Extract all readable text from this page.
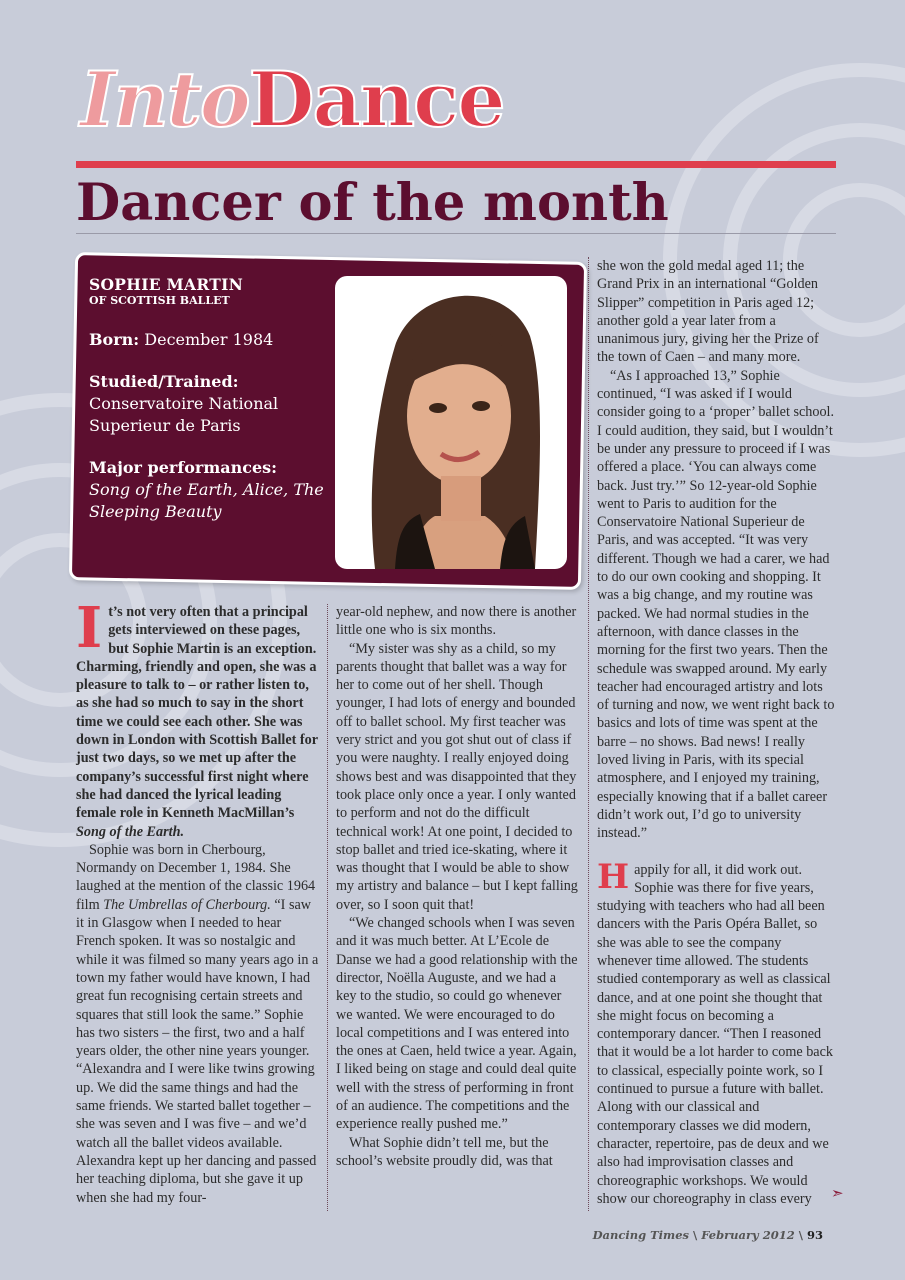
IntoDance
Dancer of the month
SOPHIE MARTIN
OF SCOTTISH BALLET
Born: December 1984
Studied/Trained:
Conservatoire National Superieur de Paris
Major performances:
Song of the Earth, Alice, The Sleeping Beauty

It’s not very often that a principal gets interviewed on these pages, but Sophie Martin is an exception. Charming, friendly and open, she was a pleasure to talk to – or rather listen to, as she had so much to say in the short time we could see each other. She was down in London with Scottish Ballet for just two days, so we met up after the company’s successful first night where she had danced the lyrical leading female role in Kenneth MacMillan’s Song of the Earth.

Sophie was born in Cherbourg, Normandy on December 1, 1984. She laughed at the mention of the classic 1964 film The Umbrellas of Cherbourg. “I saw it in Glasgow when I needed to hear French spoken. It was so nostalgic and while it was filmed so many years ago in a town my father would have known, I had great fun recognising certain streets and squares that still look the same.” Sophie has two sisters – the first, two and a half years older, the other nine years younger. “Alexandra and I were like twins growing up. We did the same things and had the same friends. We started ballet together – she was seven and I was five – and we’d watch all the ballet videos available. Alexandra kept up her dancing and passed her teaching diploma, but she gave it up when she had my four-

year-old nephew, and now there is another little one who is six months.

“My sister was shy as a child, so my parents thought that ballet was a way for her to come out of her shell. Though younger, I had lots of energy and bounded off to ballet school. My first teacher was very strict and you got shut out of class if you were naughty. I really enjoyed doing shows best and was disappointed that they took place only once a year. I only wanted to perform and not do the difficult technical work! At one point, I decided to stop ballet and tried ice-skating, where it was thought that I would be able to show my artistry and balance – but I kept falling over, so I soon quit that!

“We changed schools when I was seven and it was much better. At L’Ecole de Danse we had a good relationship with the director, Noëlla Auguste, and we had a key to the studio, so could go whenever we wanted. We were encouraged to do local competitions and I was entered into the ones at Caen, held twice a year. Again, I liked being on stage and could deal quite well with the stress of performing in front of an audience. The competitions and the experience really pushed me.”

What Sophie didn’t tell me, but the school’s website proudly did, was that

she won the gold medal aged 11; the Grand Prix in an international “Golden Slipper” competition in Paris aged 12; another gold a year later from a unanimous jury, giving her the Prize of the town of Caen – and many more.

“As I approached 13,” Sophie continued, “I was asked if I would consider going to a ‘proper’ ballet school. I could audition, they said, but I wouldn’t be under any pressure to proceed if I was offered a place. ‘You can always come back. Just try.’” So 12-year-old Sophie went to Paris to audition for the Conservatoire National Superieur de Paris, and was accepted. “It was very different. Though we had a carer, we had to do our own cooking and shopping. It was a big change, and my routine was packed. We had normal studies in the afternoon, with dance classes in the morning for the first two years. Then the schedule was swapped around. My early teacher had encouraged artistry and lots of turning and now, we went right back to basics and lots of time was spent at the barre – no shows. Bad news! I really loved living in Paris, with its special atmosphere, and I enjoyed my training, especially knowing that if a ballet career didn’t work out, I’d go to university instead.”

Happily for all, it did work out. Sophie was there for five years, studying with teachers who had all been dancers with the Paris Opéra Ballet, so she was able to see the company whenever time allowed. The students studied contemporary as well as classical dance, and at one point she thought that she might focus on becoming a contemporary dancer. “Then I reasoned that it would be a lot harder to come back to classical, especially pointe work, so I continued to pursue a future with ballet. Along with our classical and contemporary classes we did modern, character, repertoire, pas de deux and we also had improvisation classes and choreographic workshops. We would show our choreography in class every	➣
Dancing Times \ February 2012 \ 93
